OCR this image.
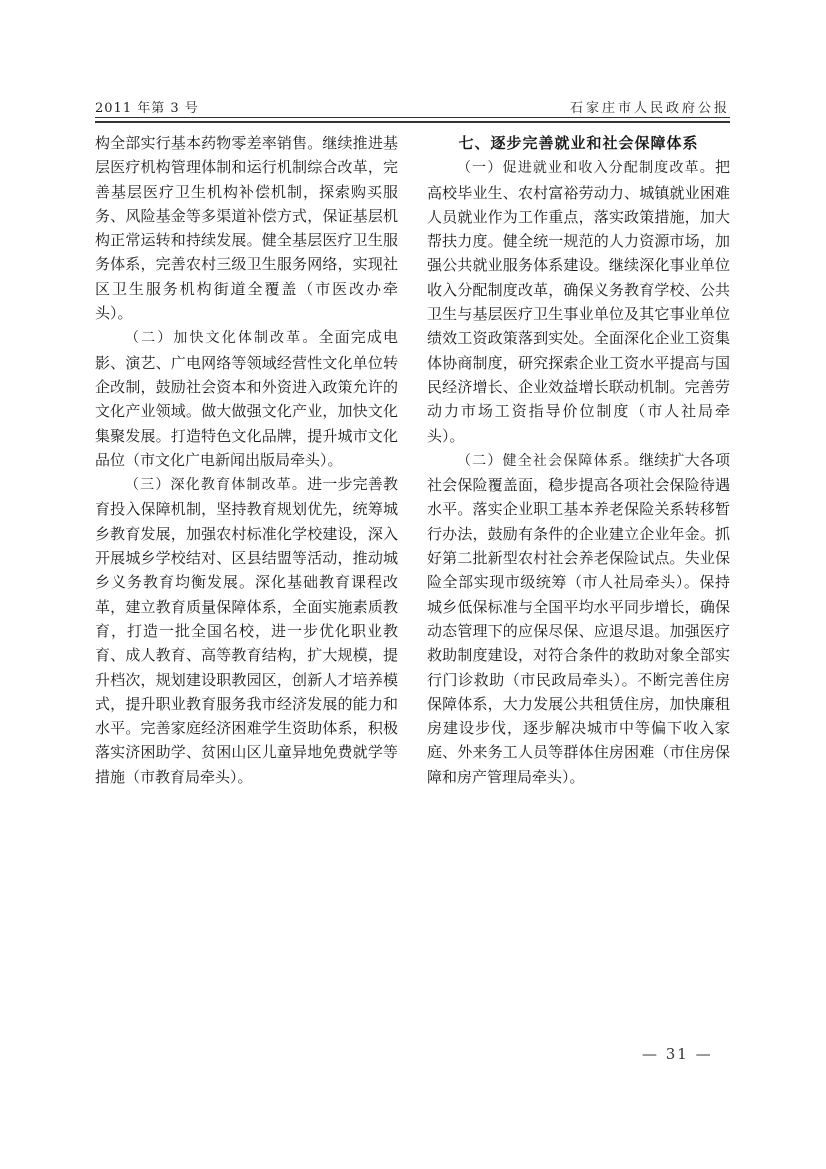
2011 年第 3 号	石家庄市人民政府公报

构全部实行基本药物零差率销售。继续推进基层医疗机构管理体制和运行机制综合改革，完善基层医疗卫生机构补偿机制，探索购买服务、风险基金等多渠道补偿方式，保证基层机构正常运转和持续发展。健全基层医疗卫生服务体系，完善农村三级卫生服务网络，实现社区卫生服务机构街道全覆盖（市医改办牵头）。

（二）加快文化体制改革。全面完成电影、演艺、广电网络等领域经营性文化单位转企改制，鼓励社会资本和外资进入政策允许的文化产业领域。做大做强文化产业，加快文化集聚发展。打造特色文化品牌，提升城市文化品位（市文化广电新闻出版局牵头）。

（三）深化教育体制改革。进一步完善教育投入保障机制，坚持教育规划优先，统筹城乡教育发展，加强农村标准化学校建设，深入开展城乡学校结对、区县结盟等活动，推动城乡义务教育均衡发展。深化基础教育课程改革，建立教育质量保障体系，全面实施素质教育，打造一批全国名校，进一步优化职业教育、成人教育、高等教育结构，扩大规模，提升档次，规划建设职教园区，创新人才培养模式，提升职业教育服务我市经济发展的能力和水平。完善家庭经济困难学生资助体系，积极落实济困助学、贫困山区儿童异地免费就学等措施（市教育局牵头）。

七、逐步完善就业和社会保障体系

（一）促进就业和收入分配制度改革。把高校毕业生、农村富裕劳动力、城镇就业困难人员就业作为工作重点，落实政策措施，加大帮扶力度。健全统一规范的人力资源市场，加强公共就业服务体系建设。继续深化事业单位收入分配制度改革，确保义务教育学校、公共卫生与基层医疗卫生事业单位及其它事业单位绩效工资政策落到实处。全面深化企业工资集体协商制度，研究探索企业工资水平提高与国民经济增长、企业效益增长联动机制。完善劳动力市场工资指导价位制度（市人社局牵头）。

（二）健全社会保障体系。继续扩大各项社会保险覆盖面，稳步提高各项社会保险待遇水平。落实企业职工基本养老保险关系转移暂行办法，鼓励有条件的企业建立企业年金。抓好第二批新型农村社会养老保险试点。失业保险全部实现市级统筹（市人社局牵头）。保持城乡低保标准与全国平均水平同步增长，确保动态管理下的应保尽保、应退尽退。加强医疗救助制度建设，对符合条件的救助对象全部实行门诊救助（市民政局牵头）。不断完善住房保障体系，大力发展公共租赁住房，加快廉租房建设步伐，逐步解决城市中等偏下收入家庭、外来务工人员等群体住房困难（市住房保障和房产管理局牵头）。

— 31 —
